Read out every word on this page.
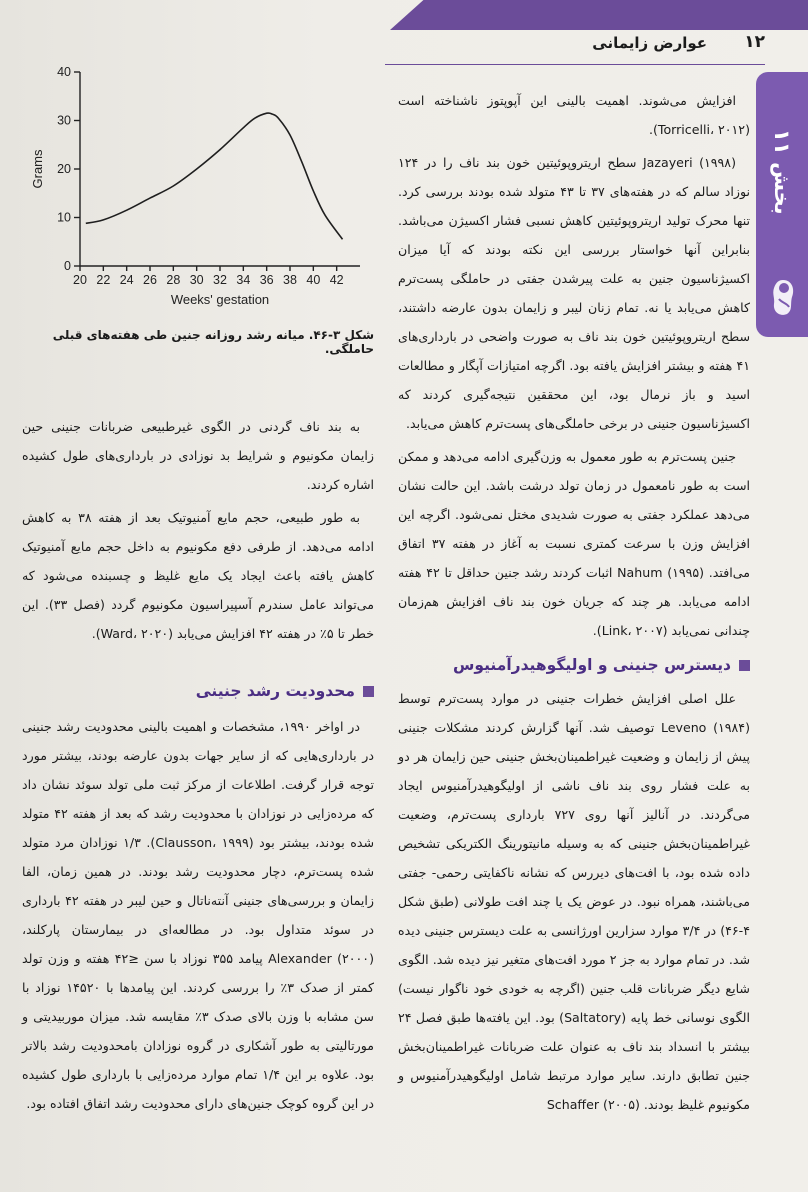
۱۲
عوارض زایمانی
بخش ۱۱
0
10
20
30
40
20 22 24 26 28 30 32 34 36 38 40 42
Weeks' gestation
Grams
شکل ۳-۴۶. میانه رشد روزانه جنین طی هفته‌های قبلی حاملگی.

افزایش می‌شوند. اهمیت بالینی این آپوپتوز ناشناخته است (Torricelli، ۲۰۱۲).

Jazayeri (۱۹۹۸) سطح اریتروپوئیتین خون بند ناف را در ۱۲۴ نوزاد سالم که در هفته‌های ۳۷ تا ۴۳ متولد شده بودند بررسی کرد. تنها محرک تولید اریتروپوئیتین کاهش نسبی فشار اکسیژن می‌باشد. بنابراین آنها خواستار بررسی این نکته بودند که آیا میزان اکسیژناسیون جنین به علت پیرشدن جفتی در حاملگی پست‌ترم کاهش می‌یابد یا نه. تمام زنان لیبر و زایمان بدون عارضه داشتند، سطح اریتروپوئیتین خون بند ناف به صورت واضحی در بارداری‌های ۴۱ هفته و بیشتر افزایش یافته بود. اگرچه امتیازات آپگار و مطالعات اسید و باز نرمال بود، این محققین نتیجه‌گیری کردند که اکسیژناسیون جنینی در برخی حاملگی‌های پست‌ترم کاهش می‌یابد.

جنین پست‌ترم به طور معمول به وزن‌گیری ادامه می‌دهد و ممکن است به طور نامعمول در زمان تولد درشت باشد. این حالت نشان می‌دهد عملکرد جفتی به صورت شدیدی مختل نمی‌شود. اگرچه این افزایش وزن با سرعت کمتری نسبت به آغاز در هفته ۳۷ اتفاق می‌افتد. Nahum (۱۹۹۵) اثبات کردند رشد جنین حداقل تا ۴۲ هفته ادامه می‌یابد. هر چند که جریان خون بند ناف افزایش هم‌زمان چندانی نمی‌یابد (Link، ۲۰۰۷).

دیسترس جنینی و اولیگوهیدرآمنیوس

علل اصلی افزایش خطرات جنینی در موارد پست‌ترم توسط Leveno (۱۹۸۴) توصیف شد. آنها گزارش کردند مشکلات جنینی پیش از زایمان و وضعیت غیراطمینان‌بخش جنینی حین زایمان هر دو به علت فشار روی بند ناف ناشی از اولیگوهیدرآمنیوس ایجاد می‌گردند. در آنالیز آنها روی ۷۲۷ بارداری پست‌ترم، وضعیت غیراطمینان‌بخش جنینی که به وسیله مانیتورینگ الکتریکی تشخیص داده شده بود، با افت‌های دیررس که نشانه ناکفایتی رحمی- جفتی می‌باشند، همراه نبود. در عوض یک یا چند افت طولانی (طبق شکل ۴-۴۶) در ۳/۴ موارد سزارین اورژانسی به علت دیسترس جنینی دیده شد. در تمام موارد به جز ۲ مورد افت‌های متغیر نیز دیده شد. الگوی شایع دیگر ضربانات قلب جنین (اگرچه به خودی خود ناگوار نیست) الگوی نوسانی خط پایه (Saltatory) بود. این یافته‌ها طبق فصل ۲۴ بیشتر با انسداد بند ناف به عنوان علت ضربانات غیراطمینان‌بخش جنین تطابق دارند. سایر موارد مرتبط شامل اولیگوهیدرآمنیوس و مکونیوم غلیظ بودند. Schaffer (۲۰۰۵)

به بند ناف گردنی در الگوی غیرطبیعی ضربانات جنینی حین زایمان مکونیوم و شرایط بد نوزادی در بارداری‌های طول کشیده اشاره کردند.

به طور طبیعی، حجم مایع آمنیوتیک بعد از هفته ۳۸ به کاهش ادامه می‌دهد. از طرفی دفع مکونیوم به داخل حجم مایع آمنیوتیک کاهش یافته باعث ایجاد یک مایع غلیظ و چسبنده می‌شود که می‌تواند عامل سندرم آسپیراسیون مکونیوم گردد (فصل ۳۳). این خطر تا ۵٪ در هفته ۴۲ افزایش می‌یابد (Ward، ۲۰۲۰).

محدودیت رشد جنینی

در اواخر ۱۹۹۰، مشخصات و اهمیت بالینی محدودیت رشد جنینی در بارداری‌هایی که از سایر جهات بدون عارضه بودند، بیشتر مورد توجه قرار گرفت. اطلاعات از مرکز ثبت ملی تولد سوئد نشان داد که مرده‌زایی در نوزادان با محدودیت رشد که بعد از هفته ۴۲ متولد شده بودند، بیشتر بود (Clausson، ۱۹۹۹). ۱/۳ نوزادان مرد متولد شده پست‌ترم، دچار محدودیت رشد بودند. در همین زمان، الفا زایمان و بررسی‌های جنینی آنته‌ناتال و حین لیبر در هفته ۴۲ بارداری در سوئد متداول بود. در مطالعه‌ای در بیمارستان پارکلند، Alexander (۲۰۰۰) پیامد ۳۵۵ نوزاد با سن ≤۴۲ هفته و وزن تولد کمتر از صدک ۳٪ را بررسی کردند. این پیامدها با ۱۴۵۲۰ نوزاد با سن مشابه با وزن بالای صدک ۳٪ مقایسه شد. میزان موربیدیتی و مورتالیتی به طور آشکاری در گروه نوزادان بامحدودیت رشد بالاتر بود. علاوه بر این ۱/۴ تمام موارد مرده‌زایی با بارداری طول کشیده در این گروه کوچک جنین‌های دارای محدودیت رشد اتفاق افتاده بود.
